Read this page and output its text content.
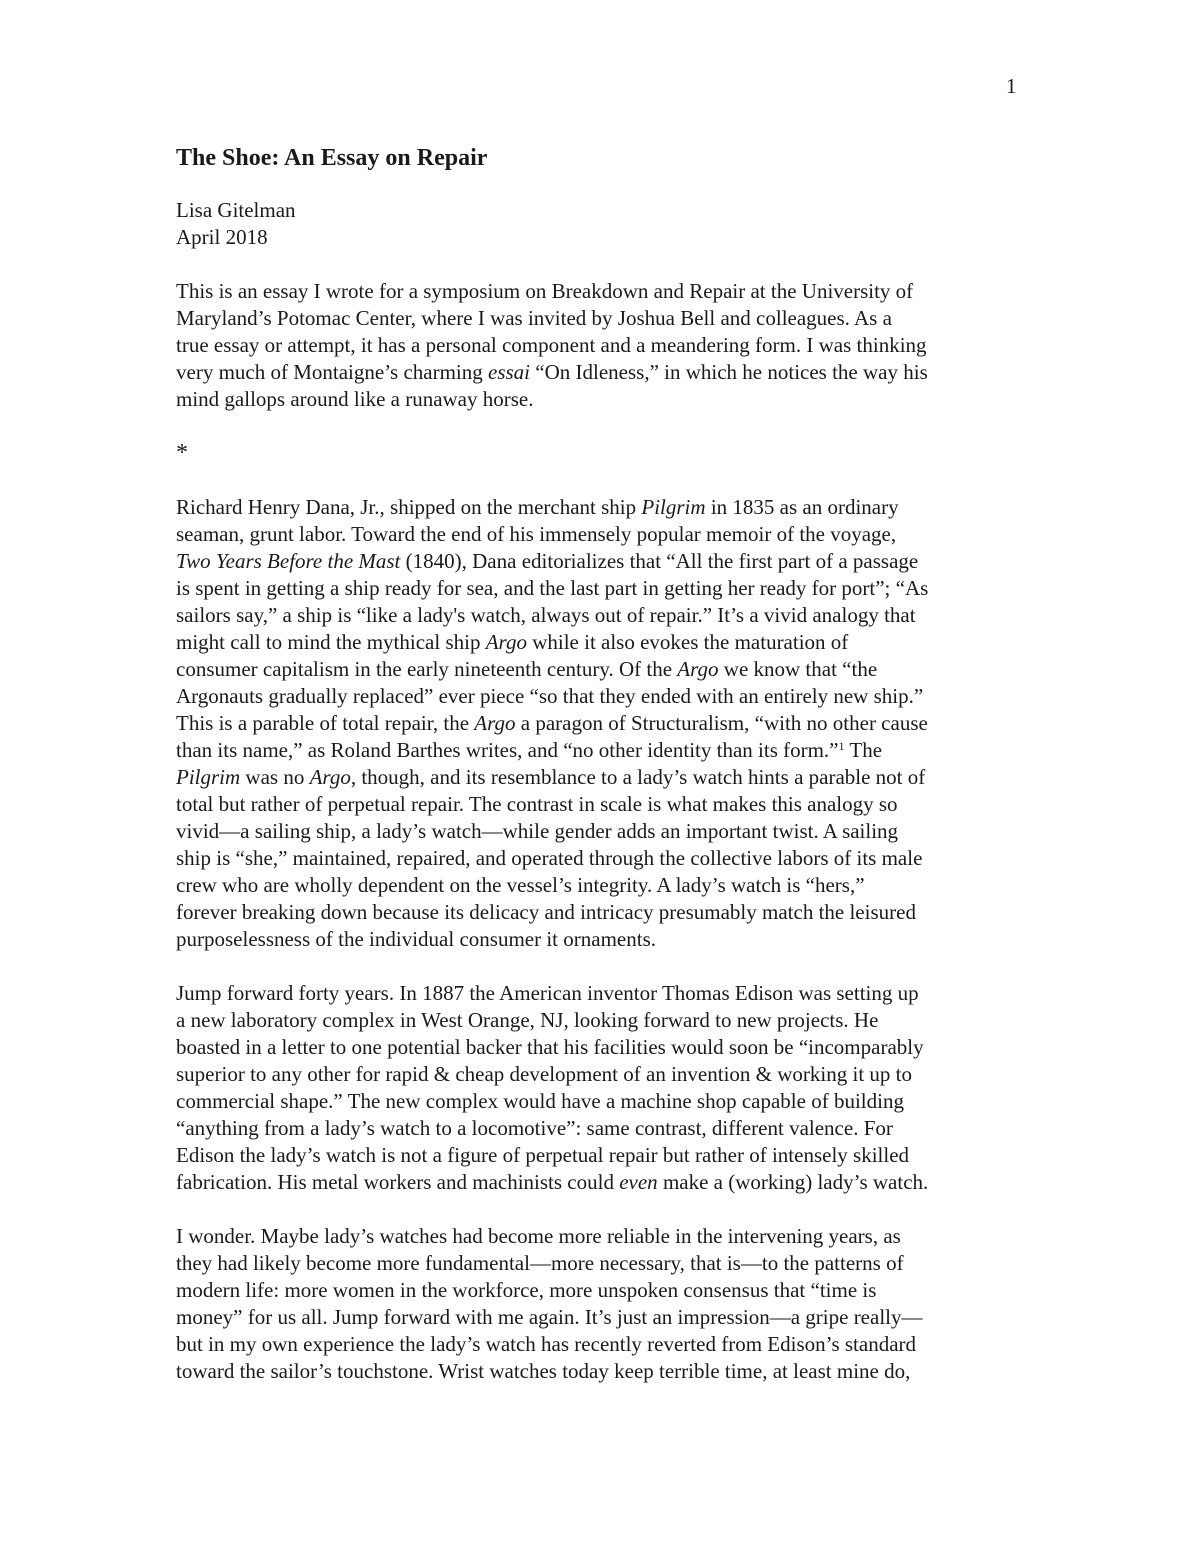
1
The Shoe: An Essay on Repair
Lisa Gitelman
April 2018
This is an essay I wrote for a symposium on Breakdown and Repair at the University of
Maryland’s Potomac Center, where I was invited by Joshua Bell and colleagues. As a
true essay or attempt, it has a personal component and a meandering form. I was thinking
very much of Montaigne’s charming essai “On Idleness,” in which he notices the way his
mind gallops around like a runaway horse.
*
Richard Henry Dana, Jr., shipped on the merchant ship Pilgrim in 1835 as an ordinary
seaman, grunt labor. Toward the end of his immensely popular memoir of the voyage,
Two Years Before the Mast (1840), Dana editorializes that “All the first part of a passage
is spent in getting a ship ready for sea, and the last part in getting her ready for port”; “As
sailors say,” a ship is “like a lady's watch, always out of repair.” It’s a vivid analogy that
might call to mind the mythical ship Argo while it also evokes the maturation of
consumer capitalism in the early nineteenth century. Of the Argo we know that “the
Argonauts gradually replaced” ever piece “so that they ended with an entirely new ship.”
This is a parable of total repair, the Argo a paragon of Structuralism, “with no other cause
than its name,” as Roland Barthes writes, and “no other identity than its form.”$^1$ The
Pilgrim was no Argo, though, and its resemblance to a lady’s watch hints a parable not of
total but rather of perpetual repair. The contrast in scale is what makes this analogy so
vivid—a sailing ship, a lady’s watch—while gender adds an important twist. A sailing
ship is “she,” maintained, repaired, and operated through the collective labors of its male
crew who are wholly dependent on the vessel’s integrity. A lady’s watch is “hers,”
forever breaking down because its delicacy and intricacy presumably match the leisured
purposelessness of the individual consumer it ornaments.
Jump forward forty years. In 1887 the American inventor Thomas Edison was setting up
a new laboratory complex in West Orange, NJ, looking forward to new projects. He
boasted in a letter to one potential backer that his facilities would soon be “incomparably
superior to any other for rapid & cheap development of an invention & working it up to
commercial shape.” The new complex would have a machine shop capable of building
“anything from a lady’s watch to a locomotive”: same contrast, different valence. For
Edison the lady’s watch is not a figure of perpetual repair but rather of intensely skilled
fabrication. His metal workers and machinists could even make a (working) lady’s watch.
I wonder. Maybe lady’s watches had become more reliable in the intervening years, as
they had likely become more fundamental—more necessary, that is—to the patterns of
modern life: more women in the workforce, more unspoken consensus that “time is
money” for us all. Jump forward with me again. It’s just an impression—a gripe really—
but in my own experience the lady’s watch has recently reverted from Edison’s standard
toward the sailor’s touchstone. Wrist watches today keep terrible time, at least mine do,
